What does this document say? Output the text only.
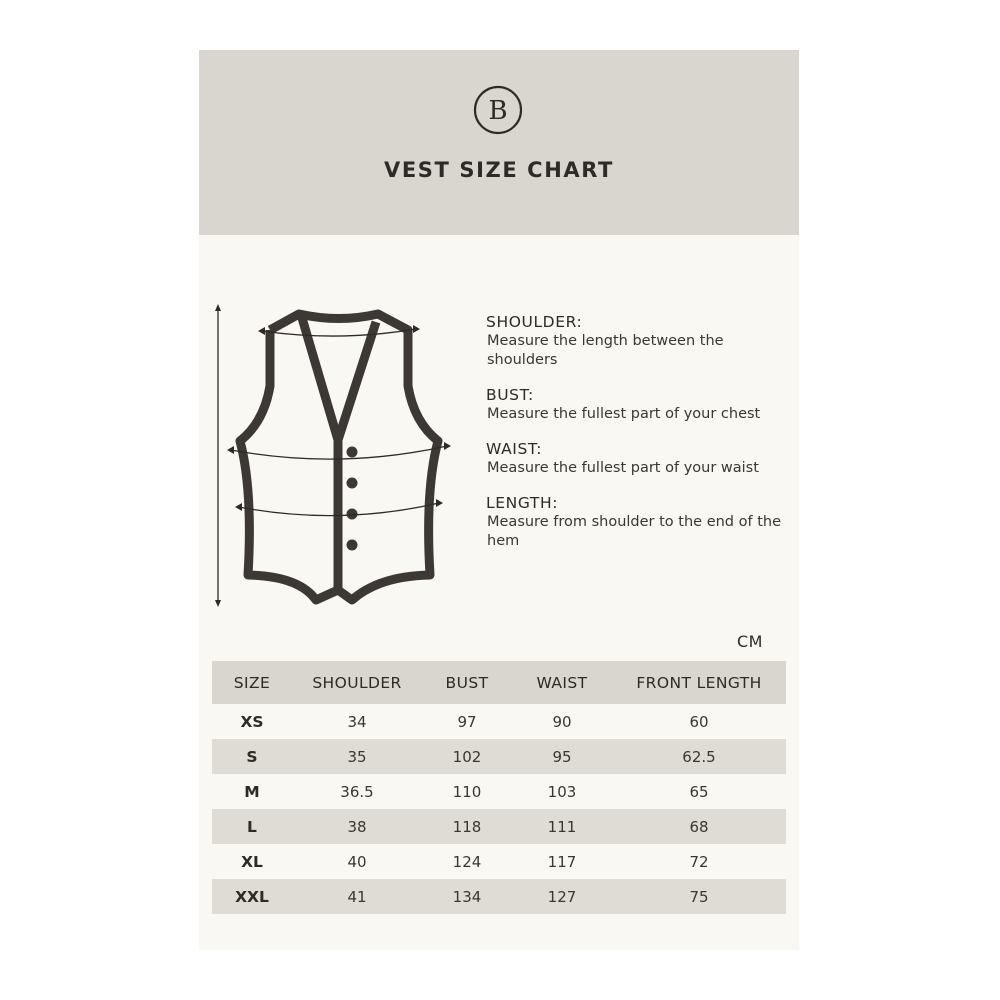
B
VEST SIZE CHART
SHOULDER:
Measure the length between the shoulders
BUST:
Measure the fullest part of your chest
WAIST:
Measure the fullest part of your waist
LENGTH:
Measure from shoulder to the end of the hem
CM
SIZE	SHOULDER	BUST	WAIST	FRONT LENGTH
XS	34	97	90	60
S	35	102	95	62.5
M	36.5	110	103	65
L	38	118	111	68
XL	40	124	117	72
XXL	41	134	127	75
